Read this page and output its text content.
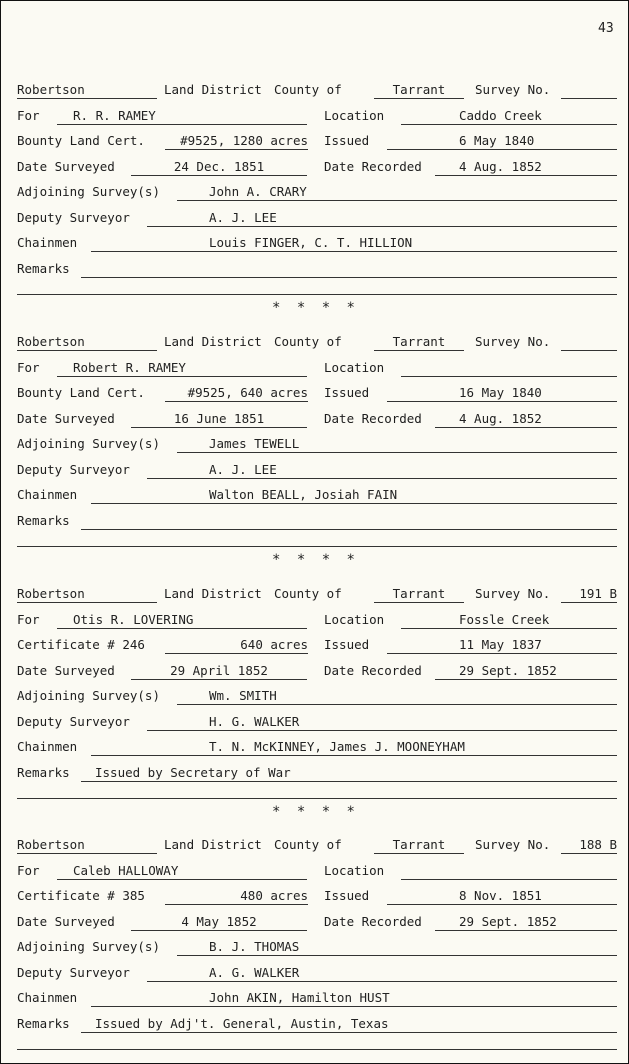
43
Robertson	Land District County of	Tarrant	Survey No.
For	R. R. RAMEY	Location	Caddo Creek
Bounty Land Cert.	#9525, 1280 acres Issued	6 May 1840
Date Surveyed	24 Dec. 1851	Date Recorded	4 Aug. 1852
Adjoining Survey(s)	John A. CRARY
Deputy Surveyor	A. J. LEE
Chainmen	Louis FINGER, C. T. HILLION
Remarks
* * * *
Robertson	Land District County of	Tarrant	Survey No.
For	Robert R. RAMEY	Location
Bounty Land Cert.	#9525, 640 acres Issued	16 May 1840
Date Surveyed	16 June 1851	Date Recorded	4 Aug. 1852
Adjoining Survey(s)	James TEWELL
Deputy Surveyor	A. J. LEE
Chainmen	Walton BEALL, Josiah FAIN
Remarks
* * * *
Robertson	Land District County of	Tarrant	Survey No.	191 B
For	Otis R. LOVERING	Location	Fossle Creek
Certificate # 246	640 acres Issued	11 May 1837
Date Surveyed	29 April 1852	Date Recorded	29 Sept. 1852
Adjoining Survey(s)	Wm. SMITH
Deputy Surveyor	H. G. WALKER
Chainmen	T. N. McKINNEY, James J. MOONEYHAM
Remarks	Issued by Secretary of War
* * * *
Robertson	Land District County of	Tarrant	Survey No.	188 B
For	Caleb HALLOWAY	Location
Certificate # 385	480 acres Issued	8 Nov. 1851
Date Surveyed	4 May 1852	Date Recorded	29 Sept. 1852
Adjoining Survey(s)	B. J. THOMAS
Deputy Surveyor	A. G. WALKER
Chainmen	John AKIN, Hamilton HUST
Remarks	Issued by Adj't. General, Austin, Texas
